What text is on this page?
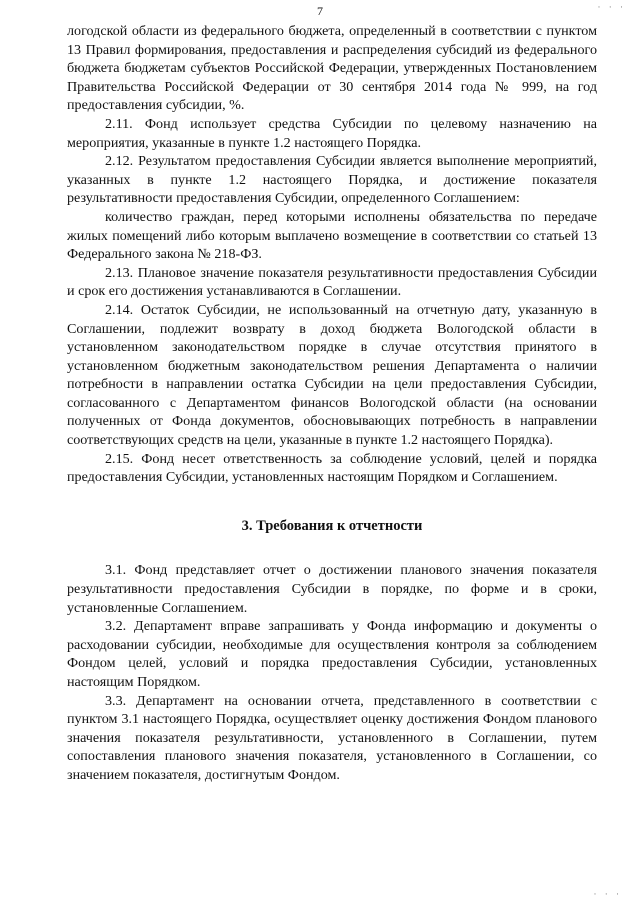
7

логодской области из федерального бюджета, определенный в соответствии с пунктом 13 Правил формирования, предоставления и распределения субсидий из федерального бюджета бюджетам субъектов Российской Федерации, утвержденных Постановлением Правительства Российской Федерации от 30 сентября 2014 года № 999, на год предоставления субсидии, %.

2.11. Фонд использует средства Субсидии по целевому назначению на мероприятия, указанные в пункте 1.2 настоящего Порядка.

2.12. Результатом предоставления Субсидии является выполнение мероприятий, указанных в пункте 1.2 настоящего Порядка, и достижение показателя результативности предоставления Субсидии, определенного Соглашением:

количество граждан, перед которыми исполнены обязательства по передаче жилых помещений либо которым выплачено возмещение в соответствии со статьей 13 Федерального закона № 218-ФЗ.

2.13. Плановое значение показателя результативности предоставления Субсидии и срок его достижения устанавливаются в Соглашении.

2.14. Остаток Субсидии, не использованный на отчетную дату, указанную в Соглашении, подлежит возврату в доход бюджета Вологодской области в установленном законодательством порядке в случае отсутствия принятого в установленном бюджетным законодательством решения Департамента о наличии потребности в направлении остатка Субсидии на цели предоставления Субсидии, согласованного с Департаментом финансов Вологодской области (на основании полученных от Фонда документов, обосновывающих потребность в направлении соответствующих средств на цели, указанные в пункте 1.2 настоящего Порядка).

2.15. Фонд несет ответственность за соблюдение условий, целей и порядка предоставления Субсидии, установленных настоящим Порядком и Соглашением.

3. Требования к отчетности

3.1. Фонд представляет отчет о достижении планового значения показателя результативности предоставления Субсидии в порядке, по форме и в сроки, установленные Соглашением.

3.2. Департамент вправе запрашивать у Фонда информацию и документы о расходовании субсидии, необходимые для осуществления контроля за соблюдением Фондом целей, условий и порядка предоставления Субсидии, установленных настоящим Порядком.

3.3. Департамент на основании отчета, представленного в соответствии с пунктом 3.1 настоящего Порядка, осуществляет оценку достижения Фондом планового значения показателя результативности, установленного в Соглашении, путем сопоставления планового значения показателя, установленного в Соглашении, со значением показателя, достигнутым Фондом.

· · ·
· · ·
